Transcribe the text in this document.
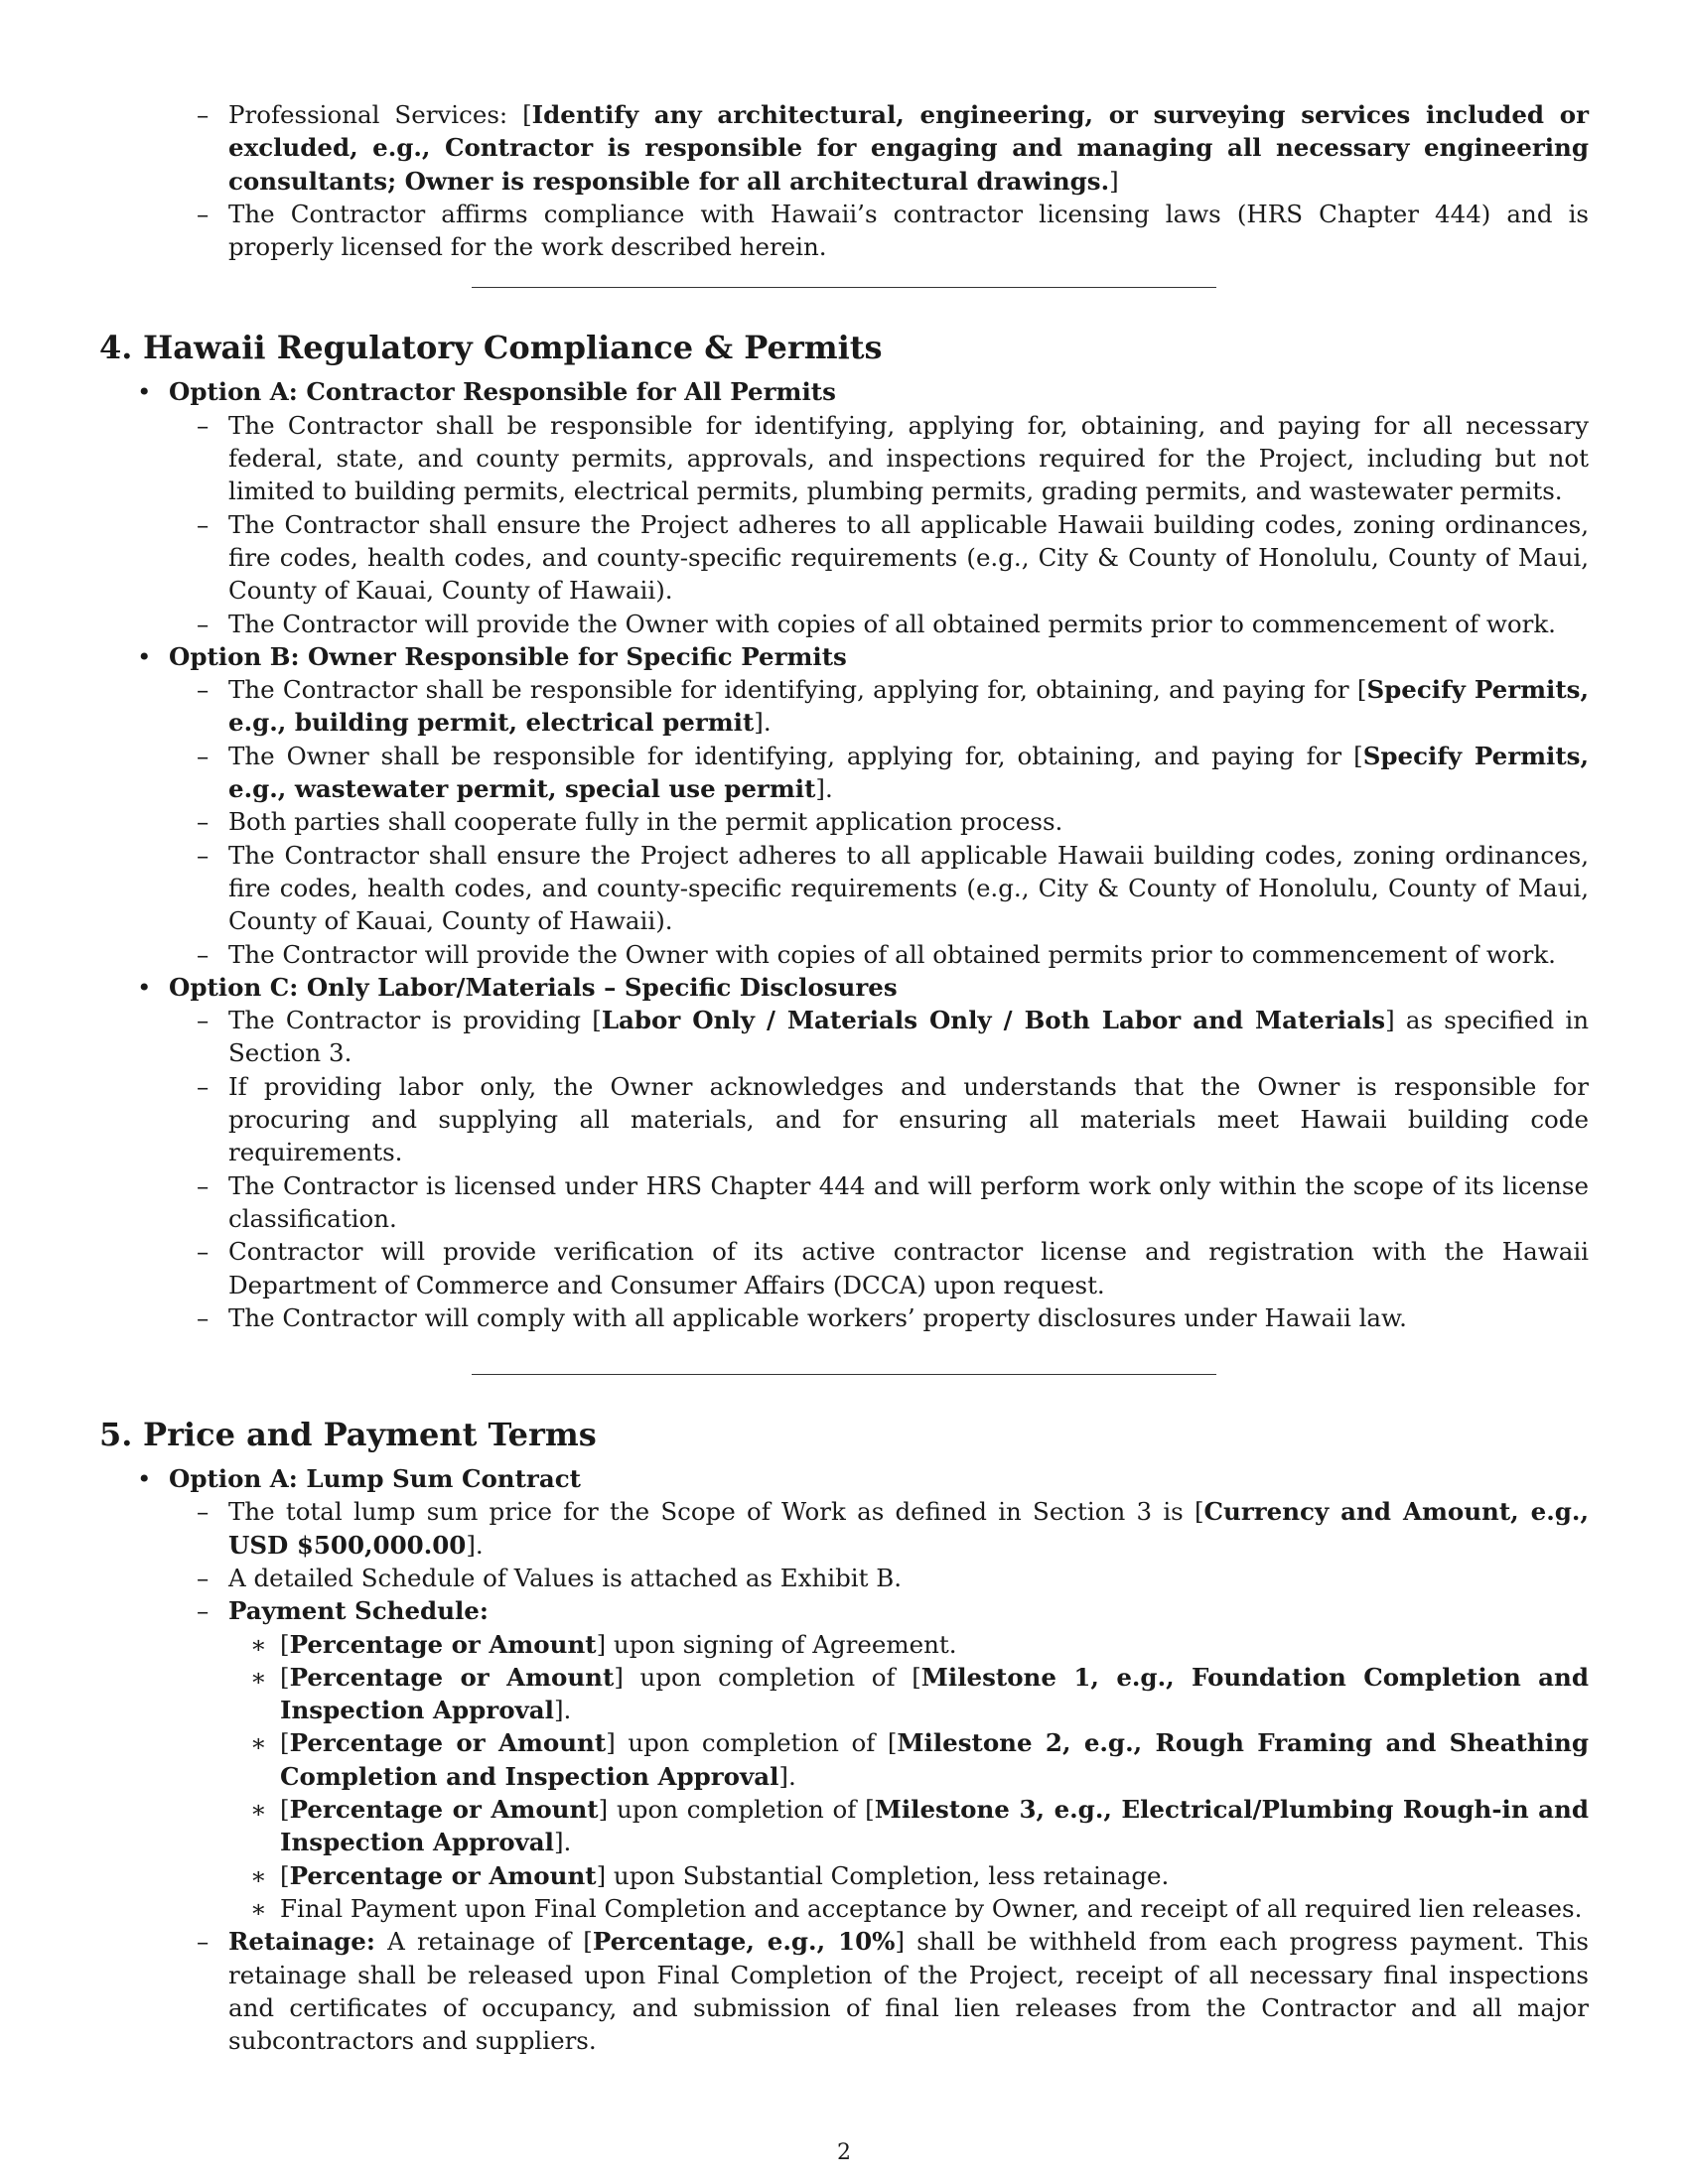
– Professional Services: [Identify any architectural, engineering, or surveying services included or excluded, e.g., Contractor is responsible for engaging and managing all necessary engineering consultants; Owner is responsible for all architectural drawings.]
– The Contractor affirms compliance with Hawaii’s contractor licensing laws (HRS Chapter 444) and is properly licensed for the work described herein.
4. Hawaii Regulatory Compliance & Permits
• Option A: Contractor Responsible for All Permits
– The Contractor shall be responsible for identifying, applying for, obtaining, and paying for all necessary federal, state, and county permits, approvals, and inspections required for the Project, including but not limited to building permits, electrical permits, plumbing permits, grading permits, and wastewater permits.
– The Contractor shall ensure the Project adheres to all applicable Hawaii building codes, zoning ordinances, fire codes, health codes, and county-specific requirements (e.g., City & County of Honolulu, County of Maui, County of Kauai, County of Hawaii).
– The Contractor will provide the Owner with copies of all obtained permits prior to commencement of work.
• Option B: Owner Responsible for Specific Permits
– The Contractor shall be responsible for identifying, applying for, obtaining, and paying for [Specify Permits, e.g., building permit, electrical permit].
– The Owner shall be responsible for identifying, applying for, obtaining, and paying for [Specify Permits, e.g., wastewater permit, special use permit].
– Both parties shall cooperate fully in the permit application process.
– The Contractor shall ensure the Project adheres to all applicable Hawaii building codes, zoning ordinances, fire codes, health codes, and county-specific requirements (e.g., City & County of Honolulu, County of Maui, County of Kauai, County of Hawaii).
– The Contractor will provide the Owner with copies of all obtained permits prior to commencement of work.
• Option C: Only Labor/Materials – Specific Disclosures
– The Contractor is providing [Labor Only / Materials Only / Both Labor and Materials] as specified in Section 3.
– If providing labor only, the Owner acknowledges and understands that the Owner is responsible for procuring and supplying all materials, and for ensuring all materials meet Hawaii building code requirements.
– The Contractor is licensed under HRS Chapter 444 and will perform work only within the scope of its license classification.
– Contractor will provide verification of its active contractor license and registration with the Hawaii Department of Commerce and Consumer Affairs (DCCA) upon request.
– The Contractor will comply with all applicable workers’ property disclosures under Hawaii law.
5. Price and Payment Terms
• Option A: Lump Sum Contract
– The total lump sum price for the Scope of Work as defined in Section 3 is [Currency and Amount, e.g., USD $500,000.00].
– A detailed Schedule of Values is attached as Exhibit B.
– Payment Schedule:
∗ [Percentage or Amount] upon signing of Agreement.
∗ [Percentage or Amount] upon completion of [Milestone 1, e.g., Foundation Completion and Inspection Approval].
∗ [Percentage or Amount] upon completion of [Milestone 2, e.g., Rough Framing and Sheathing Completion and Inspection Approval].
∗ [Percentage or Amount] upon completion of [Milestone 3, e.g., Electrical/Plumbing Rough-in and Inspection Approval].
∗ [Percentage or Amount] upon Substantial Completion, less retainage.
∗ Final Payment upon Final Completion and acceptance by Owner, and receipt of all required lien releases.
– Retainage: A retainage of [Percentage, e.g., 10%] shall be withheld from each progress payment. This retainage shall be released upon Final Completion of the Project, receipt of all necessary final inspections and certificates of occupancy, and submission of final lien releases from the Contractor and all major subcontractors and suppliers.
2
